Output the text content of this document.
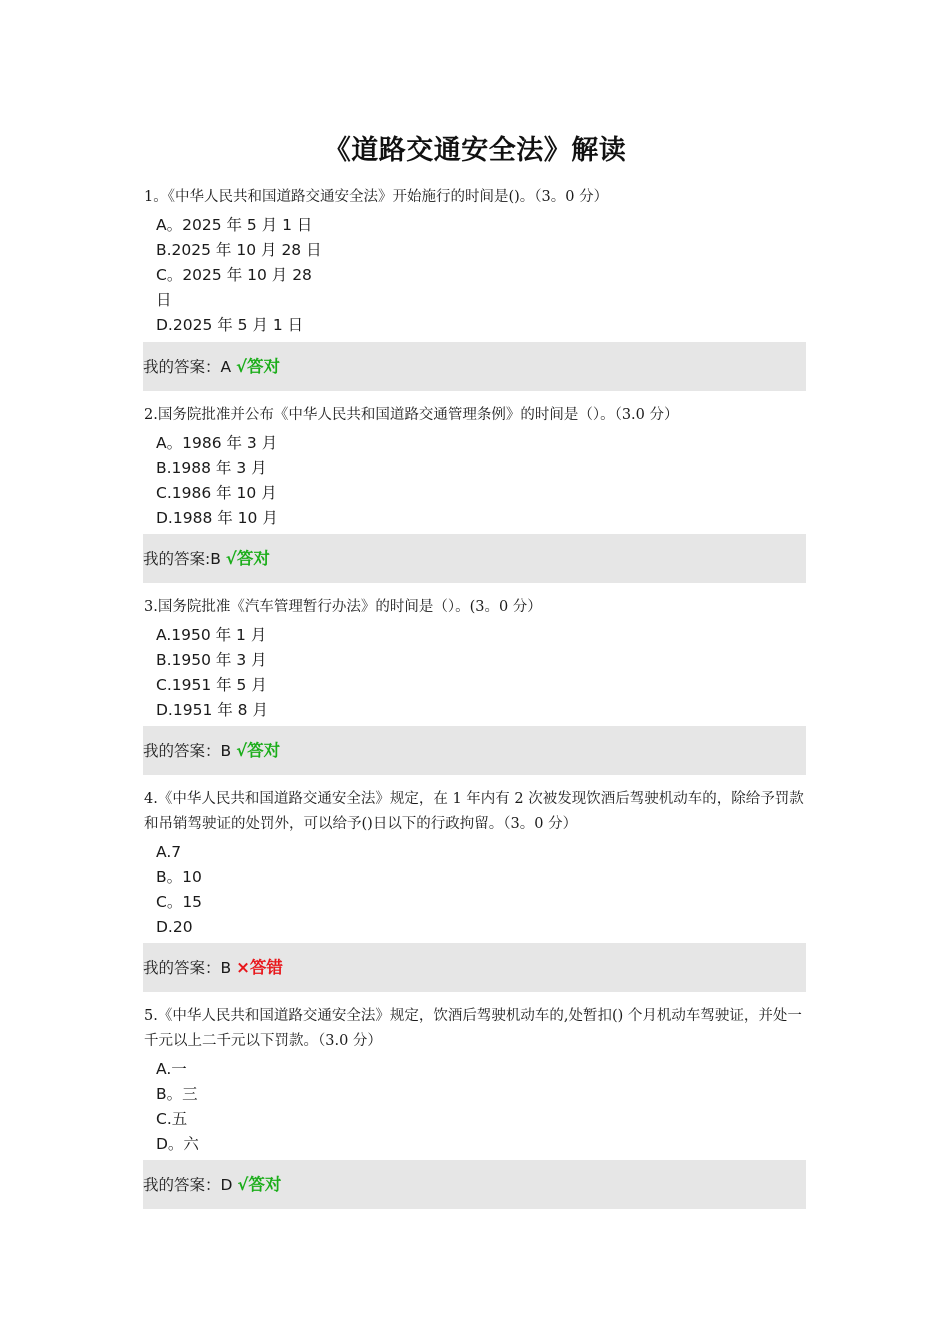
《道路交通安全法》解读

1。《中华人民共和国道路交通安全法》开始施行的时间是()。（3。0 分）

A。2025 年 5 月 1 日
B.2025 年 10 月 28 日
C。2025 年 10 月 28 日
D.2025 年 5 月 1 日
我的答案：A √答对

2.国务院批准并公布《中华人民共和国道路交通管理条例》的时间是（）。（3.0 分）

A。1986 年 3 月
B.1988 年 3 月
C.1986 年 10 月
D.1988 年 10 月
我的答案:B √答对

3.国务院批准《汽车管理暂行办法》的时间是（）。(3。0 分）

A.1950 年 1 月
B.1950 年 3 月
C.1951 年 5 月
D.1951 年 8 月
我的答案：B √答对

4.《中华人民共和国道路交通安全法》规定，在 1 年内有 2 次被发现饮酒后驾驶机动车的，除给予罚款和吊销驾驶证的处罚外，可以给予()日以下的行政拘留。（3。0 分）

A.7
B。10
C。15
D.20
我的答案：B ×答错

5.《中华人民共和国道路交通安全法》规定，饮酒后驾驶机动车的,处暂扣() 个月机动车驾驶证，并处一千元以上二千元以下罚款。（3.0 分）

A.一
B。三
C.五
D。六
我的答案：D √答对
